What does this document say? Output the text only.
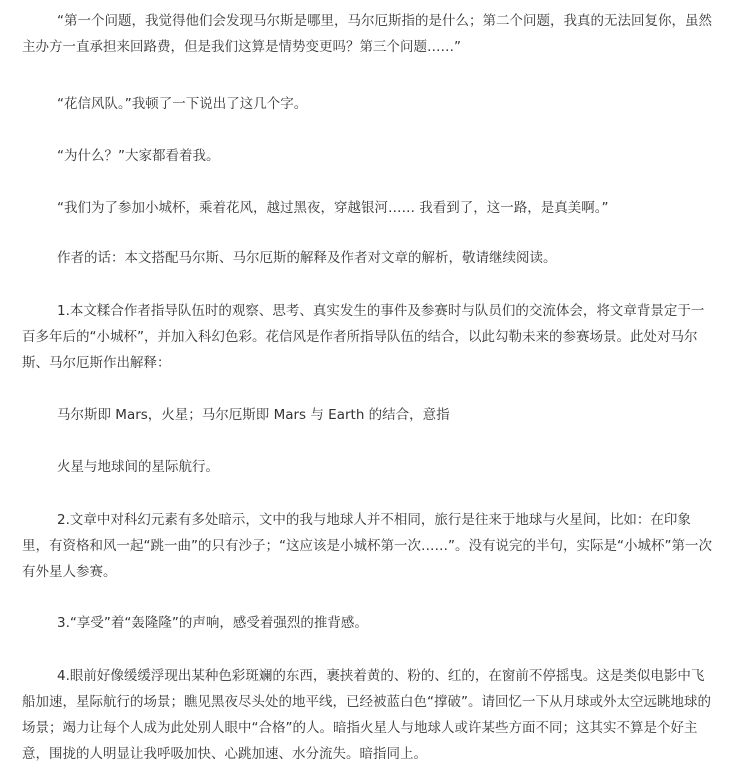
“第一个问题，我觉得他们会发现马尔斯是哪里，马尔厄斯指的是什么；第二个问题，我真的无法回复你，虽然主办方一直承担来回路费，但是我们这算是情势变更吗？第三个问题……”

“花信风队。”我顿了一下说出了这几个字。

“为什么？”大家都看着我。

“我们为了参加小城杯，乘着花风，越过黑夜，穿越银河…… 我看到了，这一路，是真美啊。”

作者的话：本文搭配马尔斯、马尔厄斯的解释及作者对文章的解析，敬请继续阅读。

1.本文糅合作者指导队伍时的观察、思考、真实发生的事件及参赛时与队员们的交流体会，将文章背景定于一百多年后的“小城杯”，并加入科幻色彩。花信风是作者所指导队伍的结合，以此勾勒未来的参赛场景。此处对马尔斯、马尔厄斯作出解释：

马尔斯即 Mars，火星；马尔厄斯即 Mars 与 Earth 的结合，意指

火星与地球间的星际航行。

2.文章中对科幻元素有多处暗示，文中的我与地球人并不相同，旅行是往来于地球与火星间，比如：在印象里，有资格和风一起“跳一曲”的只有沙子；“这应该是小城杯第一次……”。没有说完的半句，实际是“小城杯”第一次有外星人参赛。

3.“享受”着“轰隆隆”的声响，感受着强烈的推背感。

4.眼前好像缓缓浮现出某种色彩斑斓的东西，裹挟着黄的、粉的、红的，在窗前不停摇曳。这是类似电影中飞船加速，星际航行的场景；瞧见黑夜尽头处的地平线，已经被蓝白色“撑破”。请回忆一下从月球或外太空远眺地球的场景；竭力让每个人成为此处别人眼中“合格”的人。暗指火星人与地球人或许某些方面不同；这其实不算是个好主意，围拢的人明显让我呼吸加快、心跳加速、水分流失。暗指同上。
